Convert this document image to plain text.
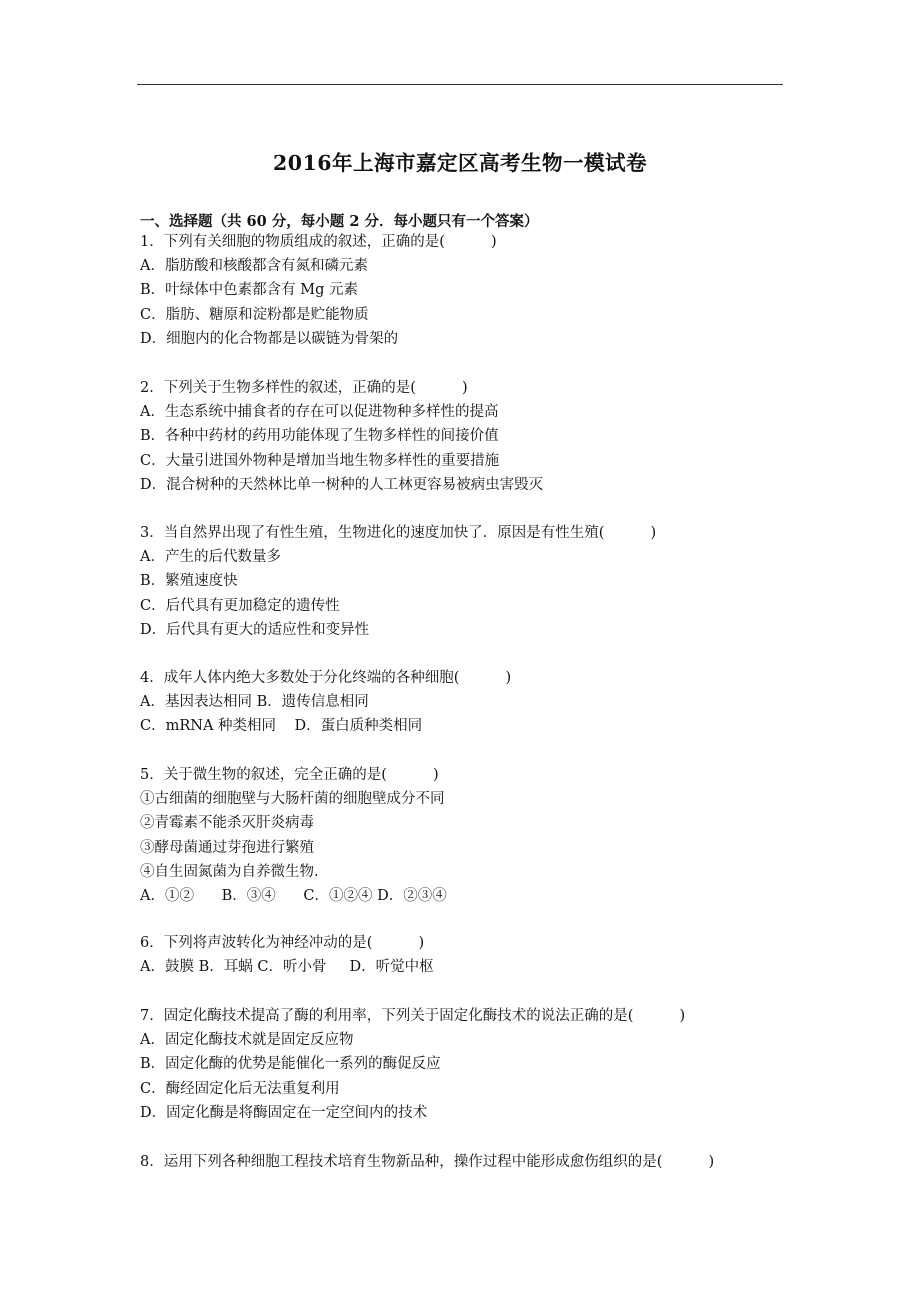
2016年上海市嘉定区高考生物一模试卷
一、选择题（共 60 分，每小题 2 分．每小题只有一个答案）
1．下列有关细胞的物质组成的叙述，正确的是(          )
A．脂肪酸和核酸都含有氮和磷元素
B．叶绿体中色素都含有 Mg 元素
C．脂肪、糖原和淀粉都是贮能物质
D．细胞内的化合物都是以碳链为骨架的
2．下列关于生物多样性的叙述，正确的是(          )
A．生态系统中捕食者的存在可以促进物种多样性的提高
B．各种中药材的药用功能体现了生物多样性的间接价值
C．大量引进国外物种是增加当地生物多样性的重要措施
D．混合树种的天然林比单一树种的人工林更容易被病虫害毁灭
3．当自然界出现了有性生殖，生物进化的速度加快了．原因是有性生殖(          )
A．产生的后代数量多
B．繁殖速度快
C．后代具有更加稳定的遗传性
D．后代具有更大的适应性和变异性
4．成年人体内绝大多数处于分化终端的各种细胞(          )
A．基因表达相同 B．遗传信息相同
C．mRNA 种类相同    D．蛋白质种类相同
5．关于微生物的叙述，完全正确的是(          )
①古细菌的细胞壁与大肠杆菌的细胞壁成分不同
②青霉素不能杀灭肝炎病毒
③酵母菌通过芽孢进行繁殖
④自生固氮菌为自养微生物.
A．①②      B．③④      C．①②④ D．②③④
6．下列将声波转化为神经冲动的是(          )
A．鼓膜 B．耳蜗 C．听小骨     D．听觉中枢
7．固定化酶技术提高了酶的利用率，下列关于固定化酶技术的说法正确的是(          )
A．固定化酶技术就是固定反应物
B．固定化酶的优势是能催化一系列的酶促反应
C．酶经固定化后无法重复利用
D．固定化酶是将酶固定在一定空间内的技术
8．运用下列各种细胞工程技术培育生物新品种，操作过程中能形成愈伤组织的是(          )
